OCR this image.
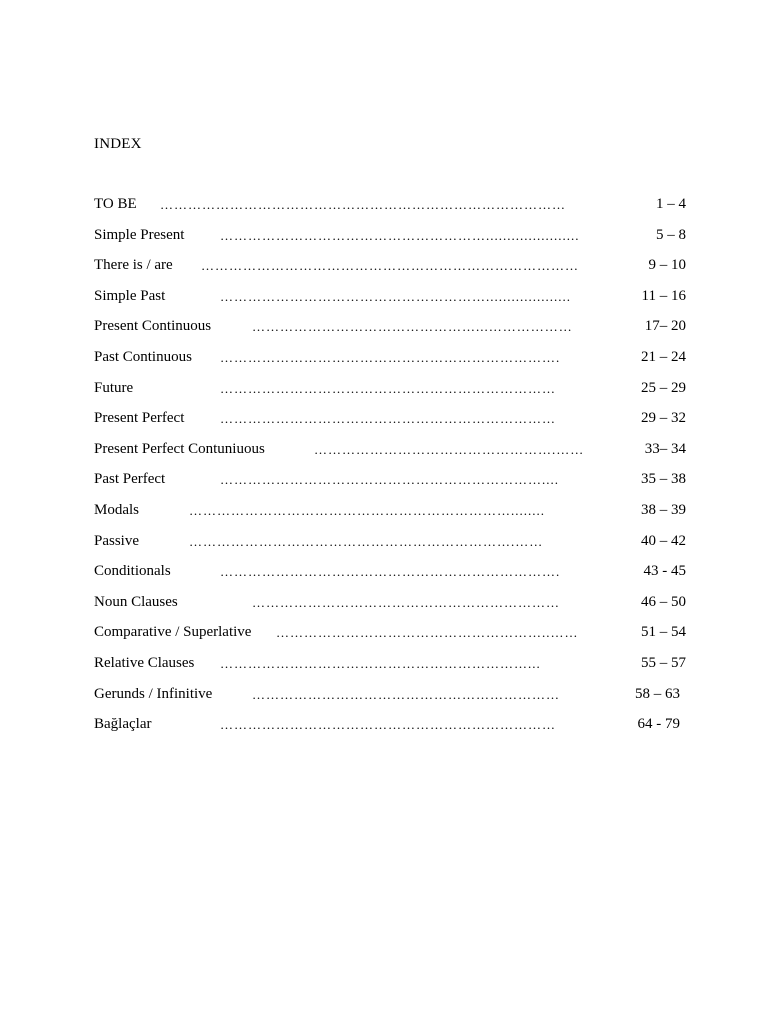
INDEX
TO BE ……………………………………………………………………………	1 – 4
Simple Present	…………………………………………………......................	5 – 8
There is / are ………………………………………………………………………	9 – 10
Simple Past	…………………………………………………....................	11 – 16
Present Continuous	…………………………………………...………………	17– 20
Past Continuous ……………………………………………………………….	21 – 24
Future	………………………………………………………………	25 – 29
Present Perfect	………………………………………………………………	29 – 32
Present Perfect Contuniuous	…………………………………………….……	33– 34
Past Perfect	……………………………………………………………....	35 – 38
Modals	……………………………………………………………........	38 – 39
Passive	…………………………………………………………….……	40 – 42
Conditionals	……………………………………………………………….	43 - 45
Noun Clauses	…………………………………………………………	46 – 50
Comparative / Superlative …………………………………………………..……	51 – 54
Relative Clauses …………………………………………………………...	55 – 57
Gerunds / Infinitive	…………………………………………………………	58 – 63
Bağlaçlar	………………………………………………………………	64 - 79
